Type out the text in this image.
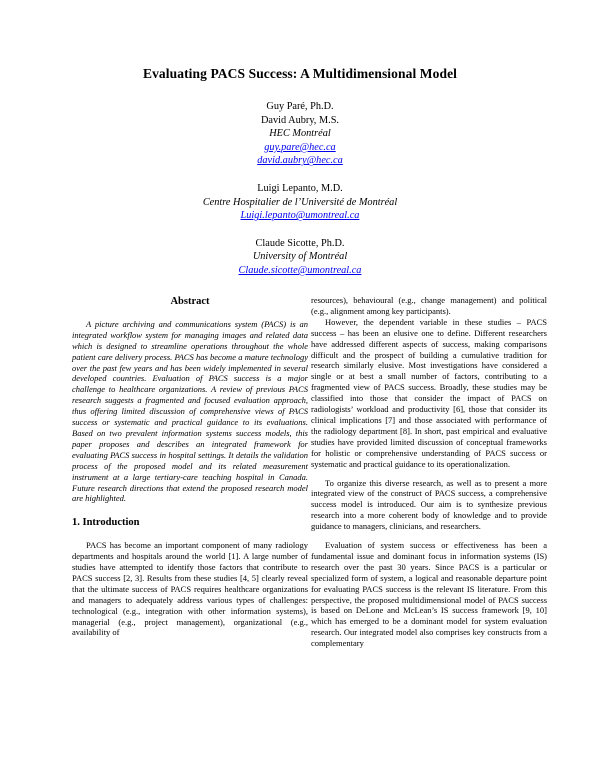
Evaluating PACS Success: A Multidimensional Model
Guy Paré, Ph.D.
David Aubry, M.S.
HEC Montréal
guy.pare@hec.ca
david.aubry@hec.ca
Luigi Lepanto, M.D.
Centre Hospitalier de l’Université de Montréal
Luigi.lepanto@umontreal.ca
Claude Sicotte, Ph.D.
University of Montréal
Claude.sicotte@umontreal.ca
Abstract

A picture archiving and communications system (PACS) is an integrated workflow system for managing images and related data which is designed to streamline operations throughout the whole patient care delivery process. PACS has become a mature technology over the past few years and has been widely implemented in several developed countries. Evaluation of PACS success is a major challenge to healthcare organizations. A review of previous PACS research suggests a fragmented and focused evaluation approach, thus offering limited discussion of comprehensive views of PACS success or systematic and practical guidance to its evaluations. Based on two prevalent information systems success models, this paper proposes and describes an integrated framework for evaluating PACS success in hospital settings. It details the validation process of the proposed model and its related measurement instrument at a large tertiary-care teaching hospital in Canada. Future research directions that extend the proposed research model are highlighted.

1. Introduction

PACS has become an important component of many radiology departments and hospitals around the world [1]. A large number of studies have attempted to identify those factors that contribute to PACS success [2, 3]. Results from these studies [4, 5] clearly reveal that the ultimate success of PACS requires healthcare organizations and managers to adequately address various types of challenges: technological (e.g., integration with other information systems), managerial (e.g., project management), organizational (e.g., availability of

resources), behavioural (e.g., change management) and political (e.g., alignment among key participants).

However, the dependent variable in these studies – PACS success – has been an elusive one to define. Different researchers have addressed different aspects of success, making comparisons difficult and the prospect of building a cumulative tradition for research similarly elusive. Most investigations have considered a single or at best a small number of factors, contributing to a fragmented view of PACS success. Broadly, these studies may be classified into those that consider the impact of PACS on radiologists’ workload and productivity [6], those that consider its clinical implications [7] and those associated with performance of the radiology department [8]. In short, past empirical and evaluative studies have provided limited discussion of conceptual frameworks for holistic or comprehensive understanding of PACS success or systematic and practical guidance to its operationalization.

To organize this diverse research, as well as to present a more integrated view of the construct of PACS success, a comprehensive success model is introduced. Our aim is to synthesize previous research into a more coherent body of knowledge and to provide guidance to managers, clinicians, and researchers.

Evaluation of system success or effectiveness has been a fundamental issue and dominant focus in information systems (IS) research over the past 30 years. Since PACS is a particular or specialized form of system, a logical and reasonable departure point for evaluating PACS success is the relevant IS literature. From this perspective, the proposed multidimensional model of PACS success is based on DeLone and McLean’s IS success framework [9, 10] which has emerged to be a dominant model for system evaluation research. Our integrated model also comprises key constructs from a complementary
